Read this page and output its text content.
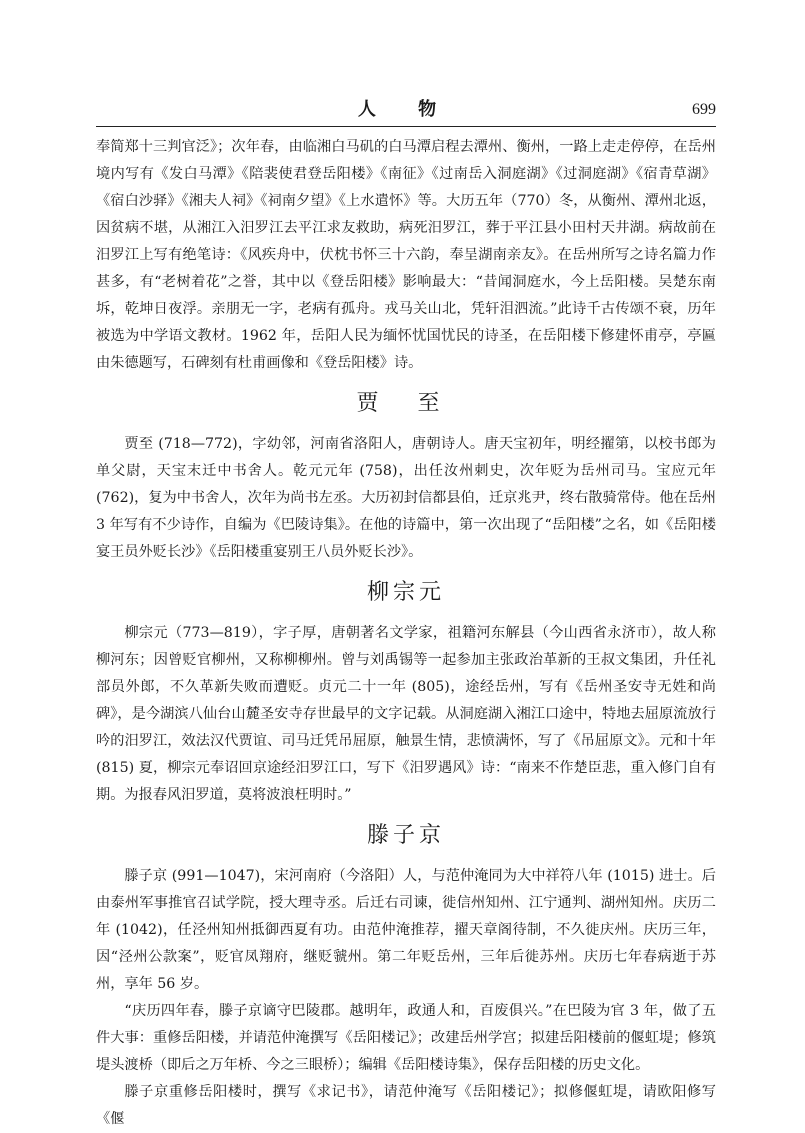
人 物	699

奉简郑十三判官泛》；次年春，由临湘白马矶的白马潭启程去潭州、衡州，一路上走走停停，在岳州境内写有《发白马潭》《陪裴使君登岳阳楼》《南征》《过南岳入洞庭湖》《过洞庭湖》《宿青草湖》《宿白沙驿》《湘夫人祠》《祠南夕望》《上水遣怀》等。大历五年（770）冬，从衡州、潭州北返，因贫病不堪，从湘江入汨罗江去平江求友救助，病死汨罗江，葬于平江县小田村天井湖。病故前在汨罗江上写有绝笔诗：《风疾舟中，伏枕书怀三十六韵，奉呈湖南亲友》。在岳州所写之诗名篇力作甚多，有“老树着花”之誉，其中以《登岳阳楼》影响最大：“昔闻洞庭水，今上岳阳楼。吴楚东南坼，乾坤日夜浮。亲朋无一字，老病有孤舟。戎马关山北，凭轩泪泗流。”此诗千古传颂不衰，历年被选为中学语文教材。1962 年，岳阳人民为缅怀忧国忧民的诗圣，在岳阳楼下修建怀甫亭，亭匾由朱德题写，石碑刻有杜甫画像和《登岳阳楼》诗。

贾 至

贾至 (718—772)，字幼邻，河南省洛阳人，唐朝诗人。唐天宝初年，明经擢第，以校书郎为单父尉，天宝末迁中书舍人。乾元元年 (758)，出任汝州刺史，次年贬为岳州司马。宝应元年 (762)，复为中书舍人，次年为尚书左丞。大历初封信都县伯，迁京兆尹，终右散骑常侍。他在岳州 3 年写有不少诗作，自编为《巴陵诗集》。在他的诗篇中，第一次出现了“岳阳楼”之名，如《岳阳楼宴王员外贬长沙》《岳阳楼重宴别王八员外贬长沙》。

柳宗元

柳宗元（773—819），字子厚，唐朝著名文学家，祖籍河东解县（今山西省永济市），故人称柳河东；因曾贬官柳州，又称柳柳州。曾与刘禹锡等一起参加主张政治革新的王叔文集团，升任礼部员外郎，不久革新失败而遭贬。贞元二十一年 (805)，途经岳州，写有《岳州圣安寺无姓和尚碑》，是今湖滨八仙台山麓圣安寺存世最早的文字记载。从洞庭湖入湘江口途中，特地去屈原流放行吟的汨罗江，效法汉代贾谊、司马迁凭吊屈原，触景生情，悲愤满怀，写了《吊屈原文》。元和十年 (815) 夏，柳宗元奉诏回京途经汨罗江口，写下《汨罗遇风》诗：“南来不作楚臣悲，重入修门自有期。为报春风汨罗道，莫将波浪枉明时。”

滕子京

滕子京 (991—1047)，宋河南府（今洛阳）人，与范仲淹同为大中祥符八年 (1015) 进士。后由泰州军事推官召试学院，授大理寺丞。后迁右司谏，徙信州知州、江宁通判、湖州知州。庆历二年 (1042)，任泾州知州抵御西夏有功。由范仲淹推荐，擢天章阁待制，不久徙庆州。庆历三年，因“泾州公款案”，贬官凤翔府，继贬虢州。第二年贬岳州，三年后徙苏州。庆历七年春病逝于苏州，享年 56 岁。

“庆历四年春，滕子京谪守巴陵郡。越明年，政通人和，百废俱兴。”在巴陵为官 3 年，做了五件大事：重修岳阳楼，并请范仲淹撰写《岳阳楼记》；改建岳州学宫；拟建岳阳楼前的偃虹堤；修筑堤头渡桥（即后之万年桥、今之三眼桥）；编辑《岳阳楼诗集》，保存岳阳楼的历史文化。

滕子京重修岳阳楼时，撰写《求记书》，请范仲淹写《岳阳楼记》；拟修偃虹堤，请欧阳修写《偃
